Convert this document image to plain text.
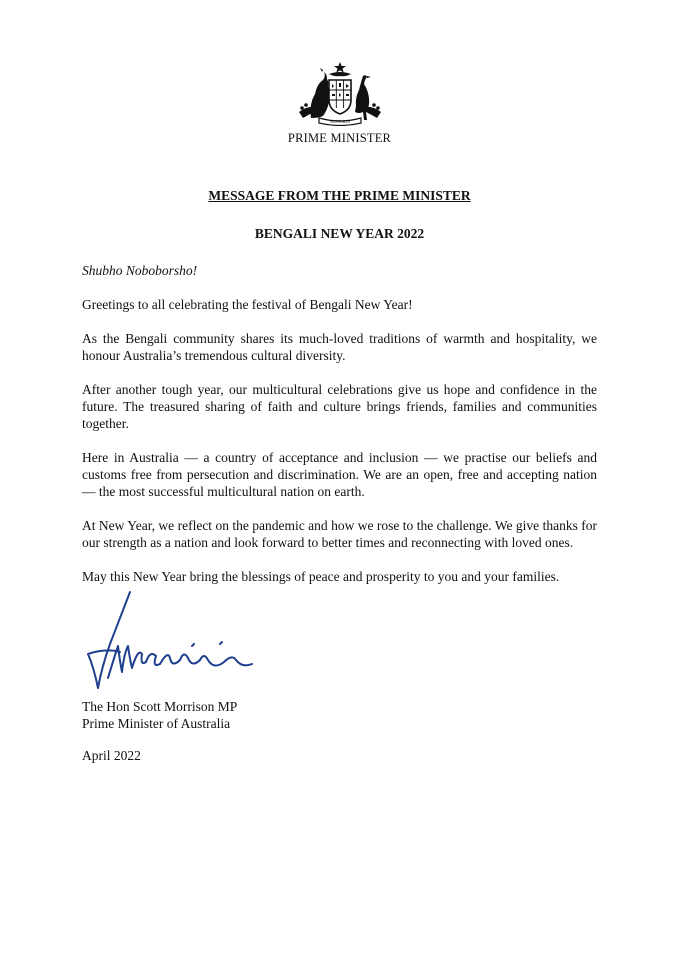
AUSTRALIA
PRIME MINISTER
MESSAGE FROM THE PRIME MINISTER
BENGALI NEW YEAR 2022

Shubho Noboborsho!

Greetings to all celebrating the festival of Bengali New Year!

As the Bengali community shares its much-loved traditions of warmth and hospitality, we honour Australia’s tremendous cultural diversity.

After another tough year, our multicultural celebrations give us hope and confidence in the future. The treasured sharing of faith and culture brings friends, families and communities together.

Here in Australia — a country of acceptance and inclusion — we practise our beliefs and customs free from persecution and discrimination. We are an open, free and accepting nation — the most successful multicultural nation on earth.

At New Year, we reflect on the pandemic and how we rose to the challenge. We give thanks for our strength as a nation and look forward to better times and reconnecting with loved ones.

May this New Year bring the blessings of peace and prosperity to you and your families.

The Hon Scott Morrison MP
Prime Minister of Australia
April 2022
